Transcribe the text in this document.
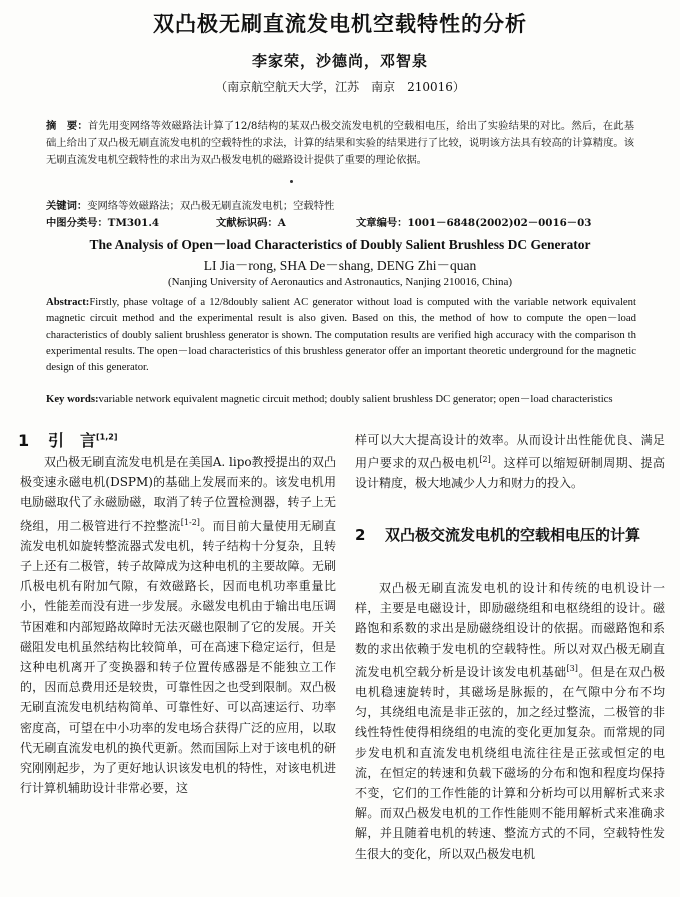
双凸极无刷直流发电机空载特性的分析
李家荣，沙德尚，邓智泉
（南京航空航天大学，江苏　南京　210016）
摘　要：首先用变网络等效磁路法计算了12/8结构的某双凸极交流发电机的空载相电压，给出了实验结果的对比。然后，在此基础上给出了双凸极无刷直流发电机的空载特性的求法，计算的结果和实验的结果进行了比较，说明该方法具有较高的计算精度。该无刷直流发电机空载特性的求出为双凸极发电机的磁路设计提供了重要的理论依据。
关键词：变网络等效磁路法；双凸极无刷直流发电机；空载特性
中图分类号：TM301.4	文献标识码：A	文章编号：1001－6848(2002)02－0016－03
The Analysis of Open－load Characteristics of Doubly Salient Brushless DC Generator
LI Jia－rong, SHA De－shang, DENG Zhi－quan
(Nanjing University of Aeronautics and Astronautics, Nanjing 210016, China)
Abstract:Firstly, phase voltage of a 12/8doubly salient AC generator without load is computed with the variable network equivalent magnetic circuit method and the experimental result is also given. Based on this, the method of how to compute the open－load characteristics of doubly salient brushless generator is shown. The computation results are verified high accuracy with the comparison th experimental results. The open－load characteristics of this brushless generator offer an important theoretic underground for the magnetic design of this generator.
Key words:variable network equivalent magnetic circuit method; doubly salient brushless DC generator; open－load characteristics
1 引　言[1,2]

双凸极无刷直流发电机是在美国A. lipo教授提出的双凸极变速永磁电机(DSPM)的基础上发展而来的。该发电机用电励磁取代了永磁励磁，取消了转子位置检测器，转子上无绕组，用二极管进行不控整流[1-2]。而目前大量使用无刷直流发电机如旋转整流器式发电机，转子结构十分复杂，且转子上还有二极管，转子故障成为这种电机的主要故障。无刷爪极电机有附加气隙，有效磁路长，因而电机功率重量比小，性能差而没有进一步发展。永磁发电机由于输出电压调节困难和内部短路故障时无法灭磁也限制了它的发展。开关磁阻发电机虽然结构比较简单，可在高速下稳定运行，但是这种电机离开了变换器和转子位置传感器是不能独立工作的，因而总费用还是较贵，可靠性因之也受到限制。双凸极无刷直流发电机结构简单、可靠性好、可以高速运行、功率密度高，可望在中小功率的发电场合获得广泛的应用，以取代无刷直流发电机的换代更新。然而国际上对于该电机的研究刚刚起步，为了更好地认识该发电机的特性，对该电机进行计算机辅助设计非常必要，这

样可以大大提高设计的效率。从而设计出性能优良、满足用户要求的双凸极电机[2]。这样可以缩短研制周期、提高设计精度，极大地减少人力和财力的投入。

2 双凸极交流发电机的空载相电压的计算

双凸极无刷直流发电机的设计和传统的电机设计一样，主要是电磁设计，即励磁绕组和电枢绕组的设计。磁路饱和系数的求出是励磁绕组设计的依据。而磁路饱和系数的求出依赖于发电机的空载特性。所以对双凸极无刷直流发电机空载分析是设计该发电机基础[3]。但是在双凸极电机稳速旋转时，其磁场是脉振的，在气隙中分布不均匀，其绕组电流是非正弦的，加之经过整流，二极管的非线性特性使得相绕组的电流的变化更加复杂。而常规的同步发电机和直流发电机绕组电流往往是正弦或恒定的电流，在恒定的转速和负载下磁场的分布和饱和程度均保持不变，它们的工作性能的计算和分析均可以用解析式来求解。而双凸极发电机的工作性能则不能用解析式来准确求解，并且随着电机的转速、整流方式的不同，空载特性发生很大的变化，所以双凸极发电机
